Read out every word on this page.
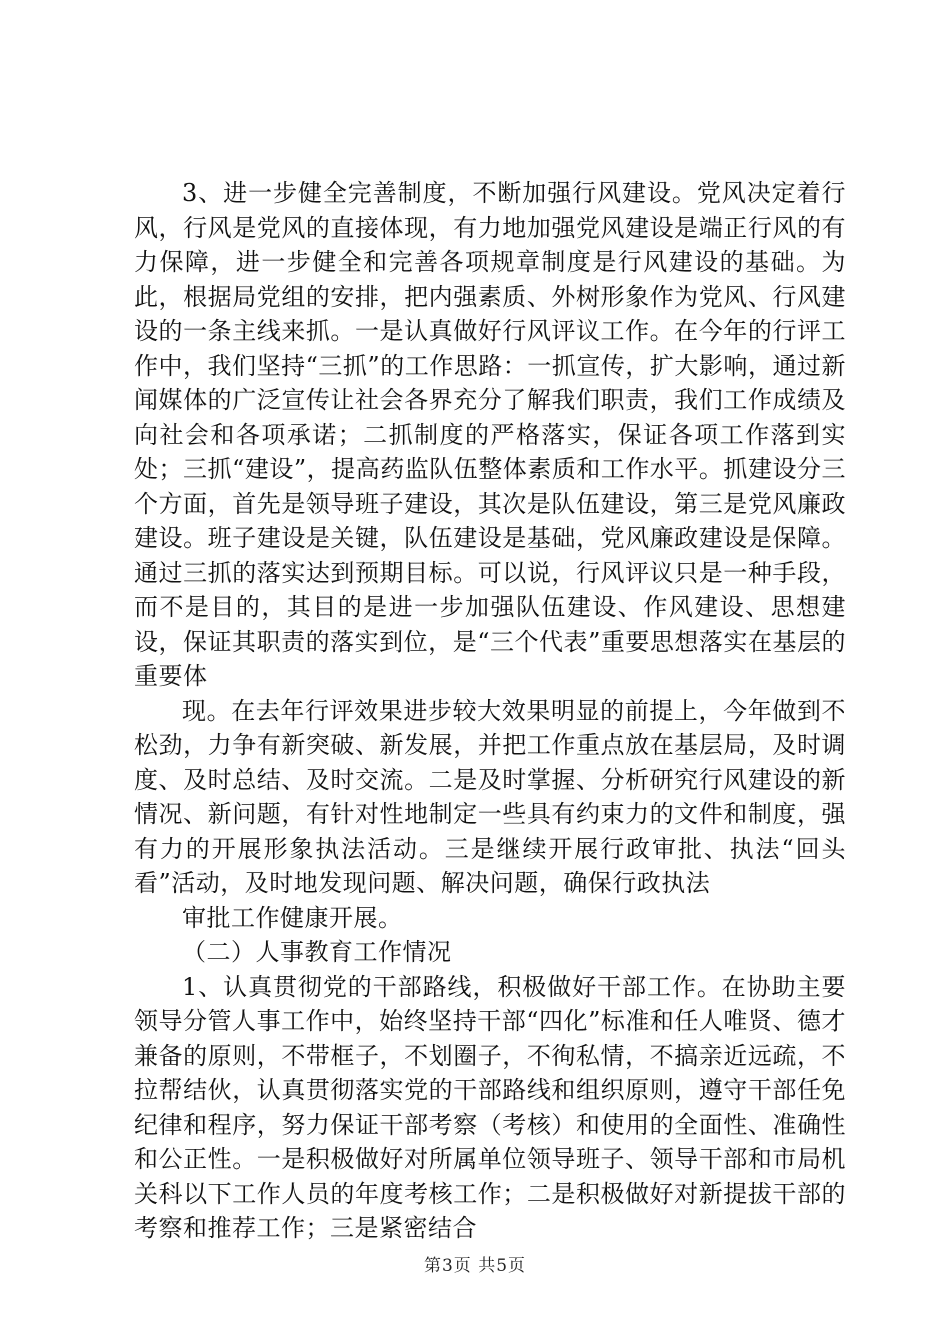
3、进一步健全完善制度，不断加强行风建设。党风决定着行风，行风是党风的直接体现，有力地加强党风建设是端正行风的有力保障，进一步健全和完善各项规章制度是行风建设的基础。为此，根据局党组的安排，把内强素质、外树形象作为党风、行风建设的一条主线来抓。一是认真做好行风评议工作。在今年的行评工作中，我们坚持“三抓”的工作思路：一抓宣传，扩大影响，通过新闻媒体的广泛宣传让社会各界充分了解我们职责，我们工作成绩及向社会和各项承诺；二抓制度的严格落实，保证各项工作落到实处；三抓“建设”，提高药监队伍整体素质和工作水平。抓建设分三个方面，首先是领导班子建设，其次是队伍建设，第三是党风廉政建设。班子建设是关键，队伍建设是基础，党风廉政建设是保障。通过三抓的落实达到预期目标。可以说，行风评议只是一种手段，而不是目的，其目的是进一步加强队伍建设、作风建设、思想建设，保证其职责的落实到位，是“三个代表”重要思想落实在基层的重要体

现。在去年行评效果进步较大效果明显的前提上，今年做到不松劲，力争有新突破、新发展，并把工作重点放在基层局，及时调度、及时总结、及时交流。二是及时掌握、分析研究行风建设的新情况、新问题，有针对性地制定一些具有约束力的文件和制度，强有力的开展形象执法活动。三是继续开展行政审批、执法“回头看”活动，及时地发现问题、解决问题，确保行政执法

审批工作健康开展。

（二）人事教育工作情况

1、认真贯彻党的干部路线，积极做好干部工作。在协助主要领导分管人事工作中，始终坚持干部“四化”标准和任人唯贤、德才兼备的原则，不带框子，不划圈子，不徇私情，不搞亲近远疏，不拉帮结伙，认真贯彻落实党的干部路线和组织原则，遵守干部任免纪律和程序，努力保证干部考察（考核）和使用的全面性、准确性和公正性。一是积极做好对所属单位领导班子、领导干部和市局机关科以下工作人员的年度考核工作；二是积极做好对新提拔干部的考察和推荐工作；三是紧密结合

第3页 共5页
